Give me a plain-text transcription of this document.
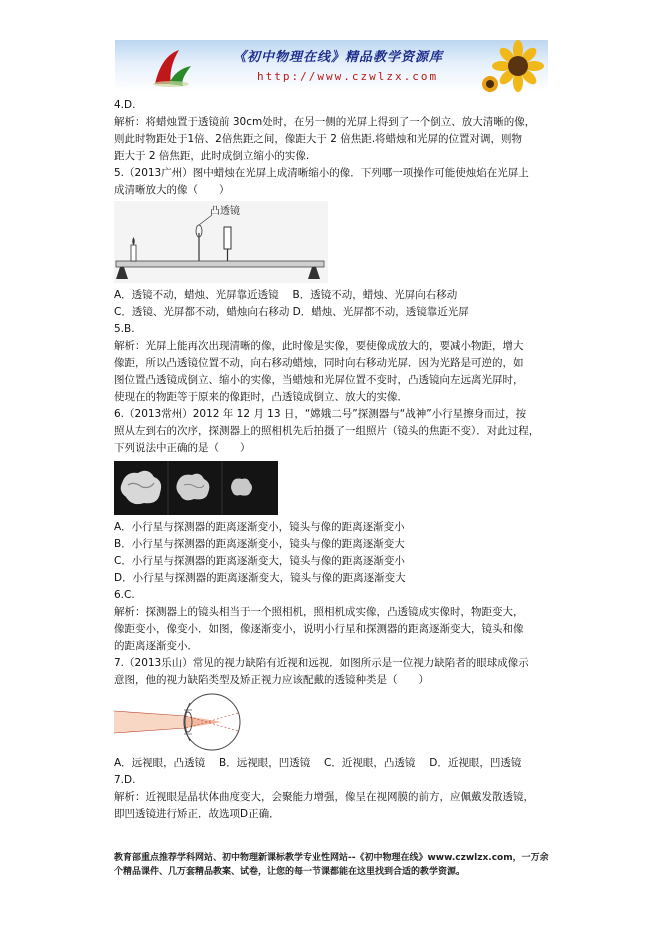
《初中物理在线》精品教学资源库
http://www.czwlzx.com

4.D.

解析：将蜡烛置于透镜前 30cm处时，在另一侧的光屏上得到了一个倒立、放大清晰的像，

则此时物距处于1倍、2倍焦距之间，像距大于 2 倍焦距.将蜡烛和光屏的位置对调，则物

距大于 2 倍焦距，此时成倒立缩小的实像.

5.（2013广州）图中蜡烛在光屏上成清晰缩小的像．下列哪一项操作可能使烛焰在光屏上

成清晰放大的像（　　）

凸透镜

A．透镜不动，蜡烛、光屏靠近透镜　 B．透镜不动，蜡烛、光屏向右移动

C．透镜、光屏都不动，蜡烛向右移动 D．蜡烛、光屏都不动，透镜靠近光屏

5.B.

解析：光屏上能再次出现清晰的像，此时像是实像，要使像成放大的，要减小物距，增大

像距，所以凸透镜位置不动，向右移动蜡烛，同时向右移动光屏．因为光路是可逆的，如

图位置凸透镜成倒立、缩小的实像，当蜡烛和光屏位置不变时，凸透镜向左远离光屏时，

使现在的物距等于原来的像距时，凸透镜成倒立、放大的实像．

6.（2013常州）2012 年 12 月 13 日，“嫦娥二号”探测器与“战神”小行星擦身而过，按

照从左到右的次序，探测器上的照相机先后拍摄了一组照片（镜头的焦距不变）．对此过程，

下列说法中正确的是（　　）

A．小行星与探测器的距离逐渐变小，镜头与像的距离逐渐变小

B．小行星与探测器的距离逐渐变小，镜头与像的距离逐渐变大

C．小行星与探测器的距离逐渐变大，镜头与像的距离逐渐变小

D．小行星与探测器的距离逐渐变大，镜头与像的距离逐渐变大

6.C.

解析：探测器上的镜头相当于一个照相机，照相机成实像，凸透镜成实像时，物距变大，

像距变小，像变小．如图，像逐渐变小，说明小行星和探测器的距离逐渐变大，镜头和像

的距离逐渐变小．

7.（2013乐山）常见的视力缺陷有近视和远视．如图所示是一位视力缺陷者的眼球成像示

意图，他的视力缺陷类型及矫正视力应该配戴的透镜种类是（　　）

A．远视眼，凸透镜　 B．远视眼，凹透镜　 C．近视眼，凸透镜　 D．近视眼，凹透镜

7.D.

解析：近视眼是晶状体曲度变大，会聚能力增强，像呈在视网膜的前方，应佩戴发散透镜，

即凹透镜进行矫正．故选项D正确．

教育部重点推荐学科网站、初中物理新课标教学专业性网站--《初中物理在线》www.czwlzx.com，一万余
个精品课件、几万套精品教案、试卷，让您的每一节课都能在这里找到合适的教学资源。
